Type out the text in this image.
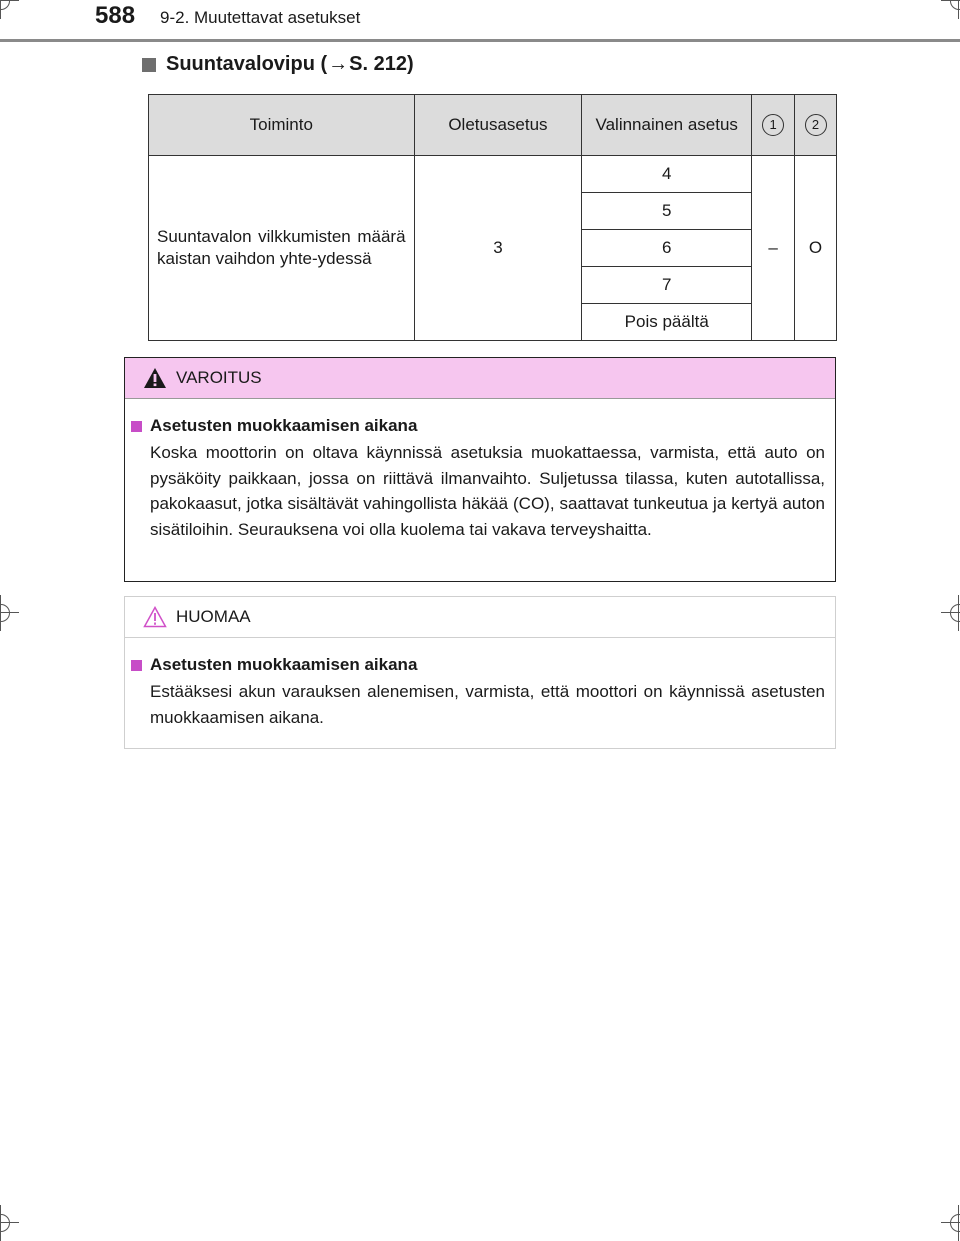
588 9-2. Muutettavat asetukset
Suuntavalovipu ( → S. 212)
Toiminto	Oletusasetus	Valinnainen asetus	1	2
Suuntavalon vilkkumisten määrä kaistan vaihdon yhte-ydessä	3	4	–	O
		5		
		6		
		7		
		Pois päältä		
VAROITUS
Asetusten muokkaamisen aikana
Koska moottorin on oltava käynnissä asetuksia muokattaessa, varmista, että auto on pysäköity paikkaan, jossa on riittävä ilmanvaihto. Suljetussa tilassa, kuten autotallissa, pakokaasut, jotka sisältävät vahingollista häkää (CO), saattavat tunkeutua ja kertyä auton sisätiloihin. Seurauksena voi olla kuolema tai vakava terveyshaitta.
HUOMAA
Asetusten muokkaamisen aikana
Estääksesi akun varauksen alenemisen, varmista, että moottori on käynnissä asetusten muokkaamisen aikana.
